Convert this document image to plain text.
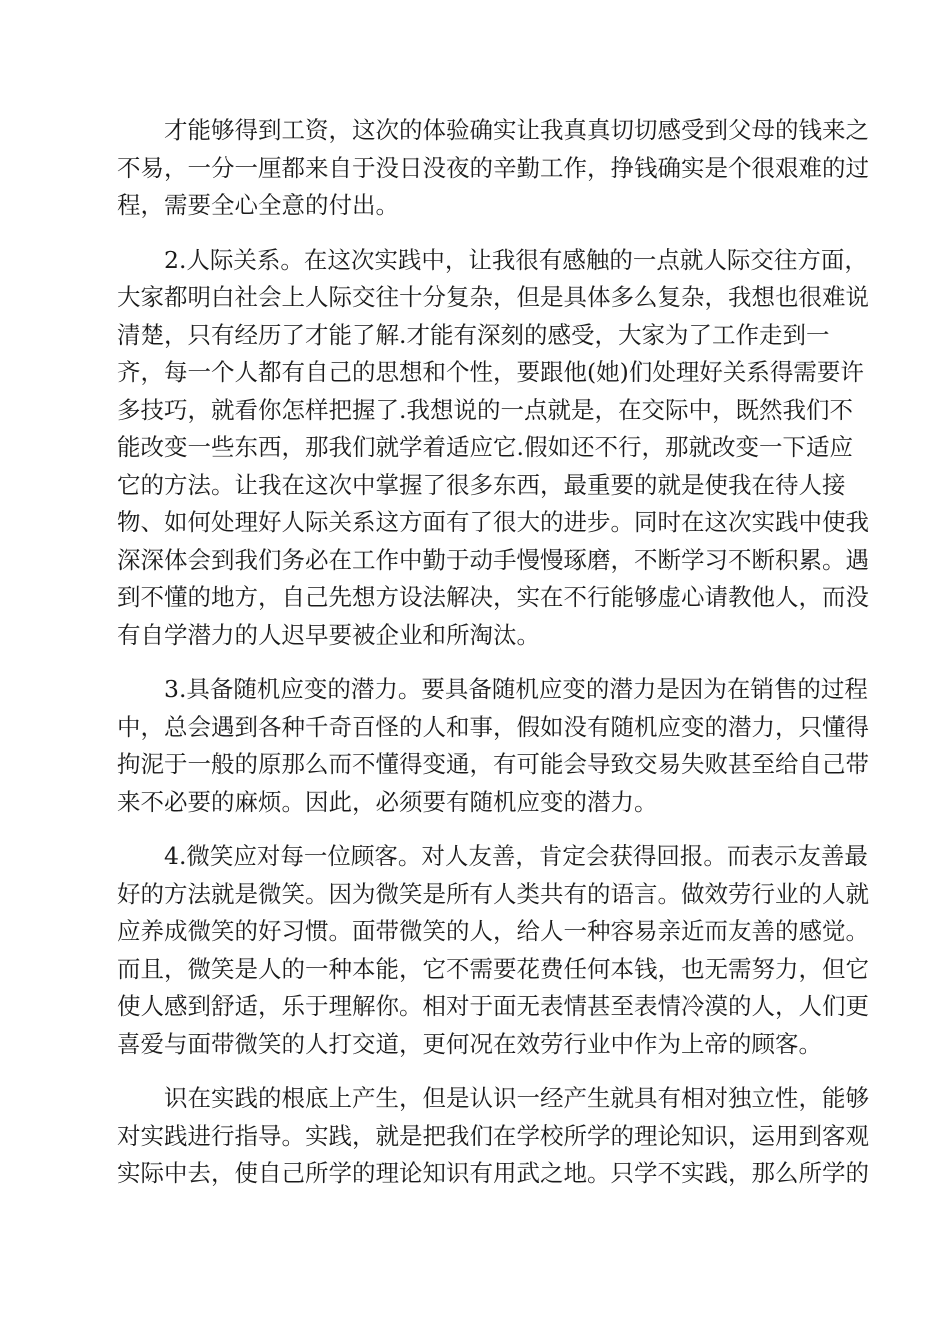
才能够得到工资，这次的体验确实让我真真切切感受到父母的钱来之
不易，一分一厘都来自于没日没夜的辛勤工作，挣钱确实是个很艰难的过
程，需要全心全意的付出。
2.人际关系。在这次实践中，让我很有感触的一点就人际交往方面，
大家都明白社会上人际交往十分复杂，但是具体多么复杂，我想也很难说
清楚，只有经历了才能了解.才能有深刻的感受，大家为了工作走到一
齐，每一个人都有自己的思想和个性，要跟他(她)们处理好关系得需要许
多技巧，就看你怎样把握了.我想说的一点就是，在交际中，既然我们不
能改变一些东西，那我们就学着适应它.假如还不行，那就改变一下适应
它的方法。让我在这次中掌握了很多东西，最重要的就是使我在待人接
物、如何处理好人际关系这方面有了很大的进步。同时在这次实践中使我
深深体会到我们务必在工作中勤于动手慢慢琢磨，不断学习不断积累。遇
到不懂的地方，自己先想方设法解决，实在不行能够虚心请教他人，而没
有自学潜力的人迟早要被企业和所淘汰。
3.具备随机应变的潜力。要具备随机应变的潜力是因为在销售的过程
中，总会遇到各种千奇百怪的人和事，假如没有随机应变的潜力，只懂得
拘泥于一般的原那么而不懂得变通，有可能会导致交易失败甚至给自己带
来不必要的麻烦。因此，必须要有随机应变的潜力。
4.微笑应对每一位顾客。对人友善，肯定会获得回报。而表示友善最
好的方法就是微笑。因为微笑是所有人类共有的语言。做效劳行业的人就
应养成微笑的好习惯。面带微笑的人，给人一种容易亲近而友善的感觉。
而且，微笑是人的一种本能，它不需要花费任何本钱，也无需努力，但它
使人感到舒适，乐于理解你。相对于面无表情甚至表情冷漠的人，人们更
喜爱与面带微笑的人打交道，更何况在效劳行业中作为上帝的顾客。
识在实践的根底上产生，但是认识一经产生就具有相对独立性，能够
对实践进行指导。实践，就是把我们在学校所学的理论知识，运用到客观
实际中去，使自己所学的理论知识有用武之地。只学不实践，那么所学的
